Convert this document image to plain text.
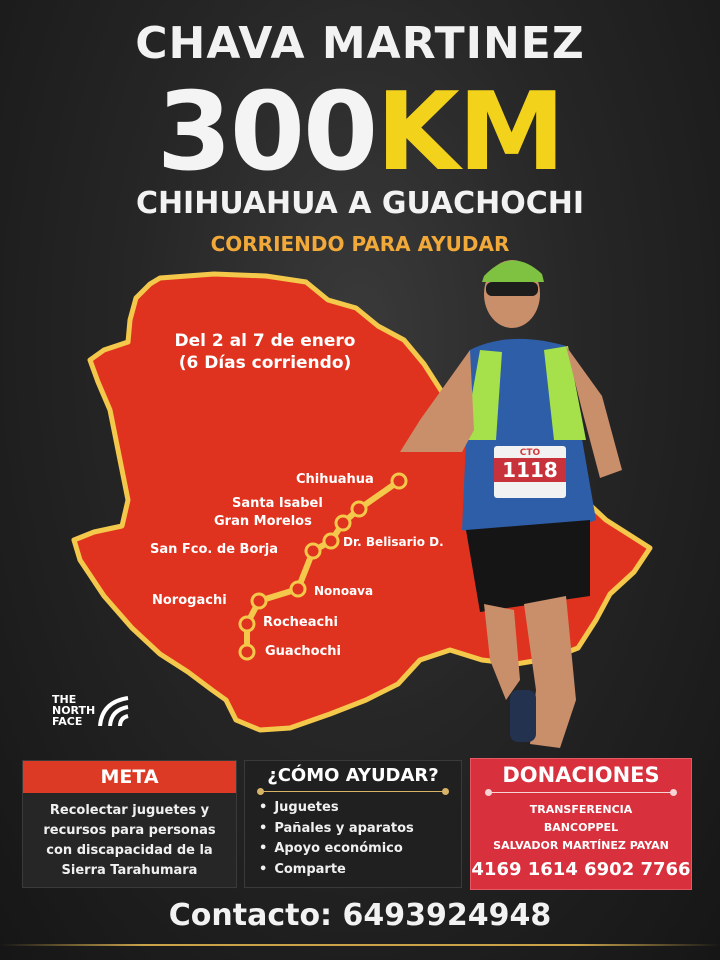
CTO
1118
CHAVA MARTINEZ
300KM
CHIHUAHUA A GUACHOCHI
CORRIENDO PARA AYUDAR
Del 2 al 7 de enero
(6 Días corriendo)
Chihuahua
Santa Isabel
Gran Morelos
Dr. Belisario D.
San Fco. de Borja
Nonoava
Norogachi
Rocheachi
Guachochi
THE
NORTH
FACE
META
Recolectar juguetes y
recursos para personas
con discapacidad de la
Sierra Tarahumara
¿CÓMO AYUDAR?
• Juguetes
• Pañales y aparatos
• Apoyo económico
• Comparte
DONACIONES
TRANSFERENCIA
BANCOPPEL
SALVADOR MARTÍNEZ PAYAN
4169 1614 6902 7766
Contacto: 6493924948
